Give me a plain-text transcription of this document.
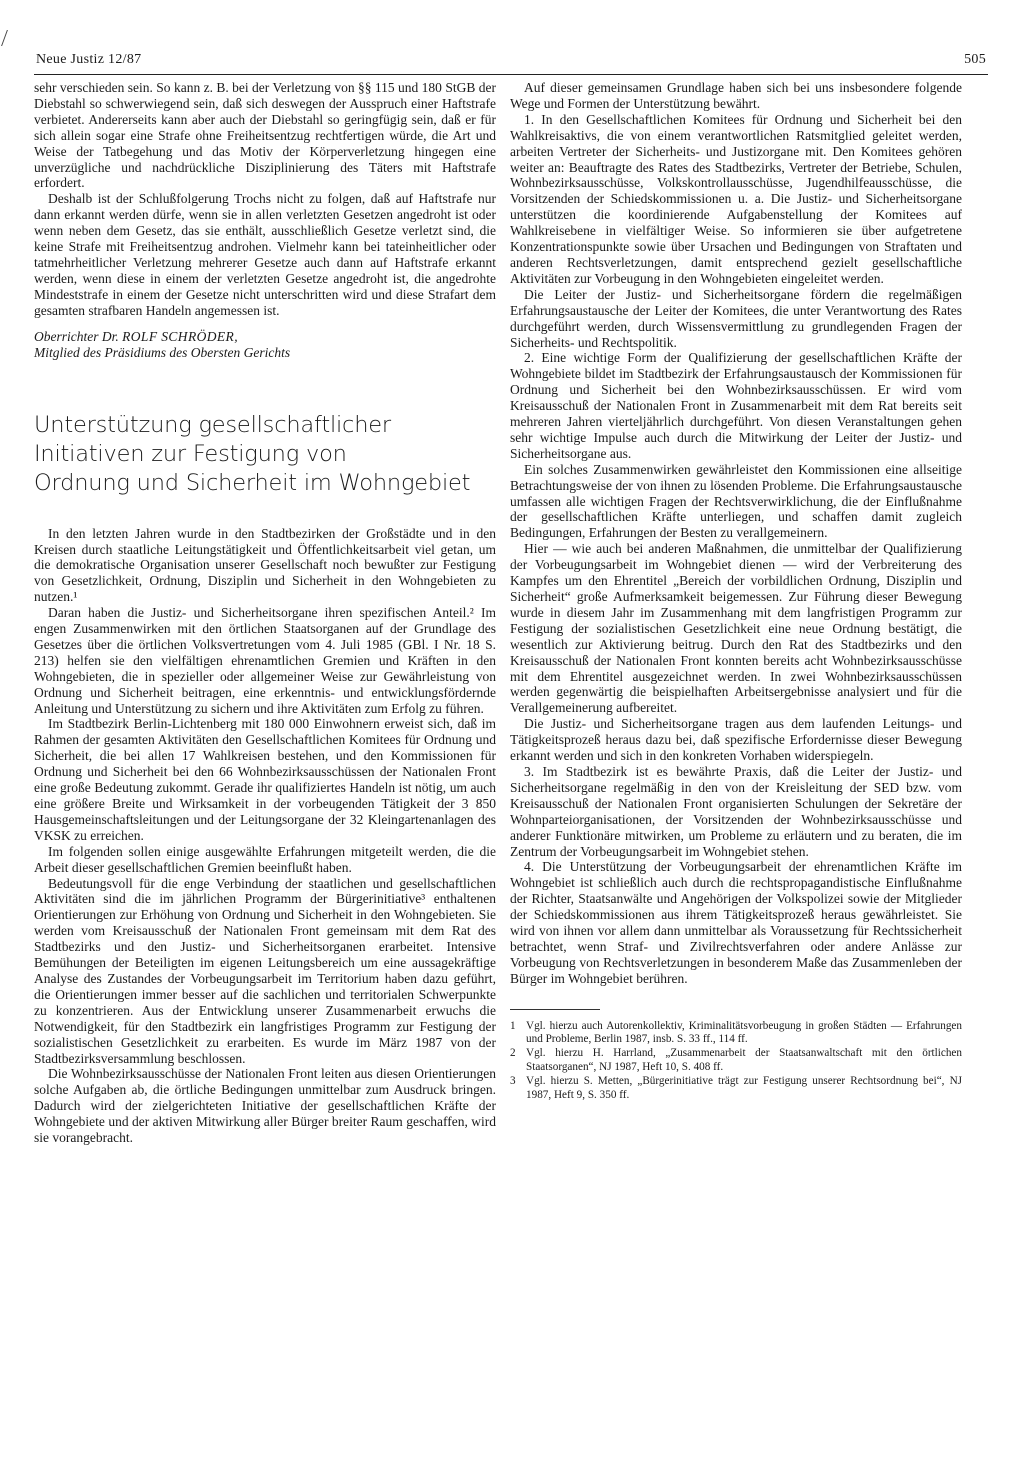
Neue Justiz 12/87	505

sehr verschieden sein. So kann z. B. bei der Verletzung von §§ 115 und 180 StGB der Diebstahl so schwerwiegend sein, daß sich deswegen der Ausspruch einer Haftstrafe verbietet. Andererseits kann aber auch der Diebstahl so geringfügig sein, daß er für sich allein sogar eine Strafe ohne Freiheitsentzug rechtfertigen würde, die Art und Weise der Tatbegehung und das Motiv der Körperverletzung hingegen eine unverzügliche und nachdrückliche Disziplinierung des Täters mit Haftstrafe erfordert.

Deshalb ist der Schlußfolgerung Trochs nicht zu folgen, daß auf Haftstrafe nur dann erkannt werden dürfe, wenn sie in allen verletzten Gesetzen angedroht ist oder wenn neben dem Gesetz, das sie enthält, ausschließlich Gesetze verletzt sind, die keine Strafe mit Freiheitsentzug androhen. Vielmehr kann bei tateinheitlicher oder tatmehrheitlicher Verletzung mehrerer Gesetze auch dann auf Haftstrafe erkannt werden, wenn diese in einem der verletzten Gesetze angedroht ist, die angedrohte Mindeststrafe in einem der Gesetze nicht unterschritten wird und diese Strafart dem gesamten strafbaren Handeln angemessen ist.

Oberrichter Dr. ROLF SCHRÖDER,
Mitglied des Präsidiums des Obersten Gerichts
Unterstützung gesellschaftlicher
Initiativen zur Festigung von
Ordnung und Sicherheit im Wohngebiet

In den letzten Jahren wurde in den Stadtbezirken der Großstädte und in den Kreisen durch staatliche Leitungstätigkeit und Öffentlichkeitsarbeit viel getan, um die demokratische Organisation unserer Gesellschaft noch bewußter zur Festigung von Gesetzlichkeit, Ordnung, Disziplin und Sicherheit in den Wohngebieten zu nutzen.¹

Daran haben die Justiz- und Sicherheitsorgane ihren spezifischen Anteil.² Im engen Zusammenwirken mit den örtlichen Staatsorganen auf der Grundlage des Gesetzes über die örtlichen Volksvertretungen vom 4. Juli 1985 (GBl. I Nr. 18 S. 213) helfen sie den vielfältigen ehrenamtlichen Gremien und Kräften in den Wohngebieten, die in spezieller oder allgemeiner Weise zur Gewährleistung von Ordnung und Sicherheit beitragen, eine erkenntnis- und entwicklungsfördernde Anleitung und Unterstützung zu sichern und ihre Aktivitäten zum Erfolg zu führen.

Im Stadtbezirk Berlin-Lichtenberg mit 180 000 Einwohnern erweist sich, daß im Rahmen der gesamten Aktivitäten den Gesellschaftlichen Komitees für Ordnung und Sicherheit, die bei allen 17 Wahlkreisen bestehen, und den Kommissionen für Ordnung und Sicherheit bei den 66 Wohnbezirksausschüssen der Nationalen Front eine große Bedeutung zukommt. Gerade ihr qualifiziertes Handeln ist nötig, um auch eine größere Breite und Wirksamkeit in der vorbeugenden Tätigkeit der 3 850 Hausgemeinschaftsleitungen und der Leitungsorgane der 32 Kleingartenanlagen des VKSK zu erreichen.

Im folgenden sollen einige ausgewählte Erfahrungen mitgeteilt werden, die die Arbeit dieser gesellschaftlichen Gremien beeinflußt haben.

Bedeutungsvoll für die enge Verbindung der staatlichen und gesellschaftlichen Aktivitäten sind die im jährlichen Programm der Bürgerinitiative³ enthaltenen Orientierungen zur Erhöhung von Ordnung und Sicherheit in den Wohngebieten. Sie werden vom Kreisausschuß der Nationalen Front gemeinsam mit dem Rat des Stadtbezirks und den Justiz- und Sicherheitsorganen erarbeitet. Intensive Bemühungen der Beteiligten im eigenen Leitungsbereich um eine aussagekräftige Analyse des Zustandes der Vorbeugungsarbeit im Territorium haben dazu geführt, die Orientierungen immer besser auf die sachlichen und territorialen Schwerpunkte zu konzentrieren. Aus der Entwicklung unserer Zusammenarbeit erwuchs die Notwendigkeit, für den Stadtbezirk ein langfristiges Programm zur Festigung der sozialistischen Gesetzlichkeit zu erarbeiten. Es wurde im März 1987 von der Stadtbezirksversammlung beschlossen.

Die Wohnbezirksausschüsse der Nationalen Front leiten aus diesen Orientierungen solche Aufgaben ab, die örtliche Bedingungen unmittelbar zum Ausdruck bringen. Dadurch wird der zielgerichteten Initiative der gesellschaftlichen Kräfte der Wohngebiete und der aktiven Mitwirkung aller Bürger breiter Raum geschaffen, wird sie vorangebracht.

Auf dieser gemeinsamen Grundlage haben sich bei uns insbesondere folgende Wege und Formen der Unterstützung bewährt.

1. In den Gesellschaftlichen Komitees für Ordnung und Sicherheit bei den Wahlkreisaktivs, die von einem verantwortlichen Ratsmitglied geleitet werden, arbeiten Vertreter der Sicherheits- und Justizorgane mit. Den Komitees gehören weiter an: Beauftragte des Rates des Stadtbezirks, Vertreter der Betriebe, Schulen, Wohnbezirksausschüsse, Volkskontrollausschüsse, Jugendhilfeausschüsse, die Vorsitzenden der Schiedskommissionen u. a. Die Justiz- und Sicherheitsorgane unterstützen die koordinierende Aufgabenstellung der Komitees auf Wahlkreisebene in vielfältiger Weise. So informieren sie über aufgetretene Konzentrationspunkte sowie über Ursachen und Bedingungen von Straftaten und anderen Rechtsverletzungen, damit entsprechend gezielt gesellschaftliche Aktivitäten zur Vorbeugung in den Wohngebieten eingeleitet werden.

Die Leiter der Justiz- und Sicherheitsorgane fördern die regelmäßigen Erfahrungsaustausche der Leiter der Komitees, die unter Verantwortung des Rates durchgeführt werden, durch Wissensvermittlung zu grundlegenden Fragen der Sicherheits- und Rechtspolitik.

2. Eine wichtige Form der Qualifizierung der gesellschaftlichen Kräfte der Wohngebiete bildet im Stadtbezirk der Erfahrungsaustausch der Kommissionen für Ordnung und Sicherheit bei den Wohnbezirksausschüssen. Er wird vom Kreisausschuß der Nationalen Front in Zusammenarbeit mit dem Rat bereits seit mehreren Jahren vierteljährlich durchgeführt. Von diesen Veranstaltungen gehen sehr wichtige Impulse auch durch die Mitwirkung der Leiter der Justiz- und Sicherheitsorgane aus.

Ein solches Zusammenwirken gewährleistet den Kommissionen eine allseitige Betrachtungsweise der von ihnen zu lösenden Probleme. Die Erfahrungsaustausche umfassen alle wichtigen Fragen der Rechtsverwirklichung, die der Einflußnahme der gesellschaftlichen Kräfte unterliegen, und schaffen damit zugleich Bedingungen, Erfahrungen der Besten zu verallgemeinern.

Hier — wie auch bei anderen Maßnahmen, die unmittelbar der Qualifizierung der Vorbeugungsarbeit im Wohngebiet dienen — wird der Verbreiterung des Kampfes um den Ehrentitel „Bereich der vorbildlichen Ordnung, Disziplin und Sicherheit“ große Aufmerksamkeit beigemessen. Zur Führung dieser Bewegung wurde in diesem Jahr im Zusammenhang mit dem langfristigen Programm zur Festigung der sozialistischen Gesetzlichkeit eine neue Ordnung bestätigt, die wesentlich zur Aktivierung beitrug. Durch den Rat des Stadtbezirks und den Kreisausschuß der Nationalen Front konnten bereits acht Wohnbezirksausschüsse mit dem Ehrentitel ausgezeichnet werden. In zwei Wohnbezirksausschüssen werden gegenwärtig die beispielhaften Arbeitsergebnisse analysiert und für die Verallgemeinerung aufbereitet.

Die Justiz- und Sicherheitsorgane tragen aus dem laufenden Leitungs- und Tätigkeitsprozeß heraus dazu bei, daß spezifische Erfordernisse dieser Bewegung erkannt werden und sich in den konkreten Vorhaben widerspiegeln.

3. Im Stadtbezirk ist es bewährte Praxis, daß die Leiter der Justiz- und Sicherheitsorgane regelmäßig in den von der Kreisleitung der SED bzw. vom Kreisausschuß der Nationalen Front organisierten Schulungen der Sekretäre der Wohnparteiorganisationen, der Vorsitzenden der Wohnbezirksausschüsse und anderer Funktionäre mitwirken, um Probleme zu erläutern und zu beraten, die im Zentrum der Vorbeugungsarbeit im Wohngebiet stehen.

4. Die Unterstützung der Vorbeugungsarbeit der ehrenamtlichen Kräfte im Wohngebiet ist schließlich auch durch die rechtspropagandistische Einflußnahme der Richter, Staatsanwälte und Angehörigen der Volkspolizei sowie der Mitglieder der Schiedskommissionen aus ihrem Tätigkeitsprozeß heraus gewährleistet. Sie wird von ihnen vor allem dann unmittelbar als Voraussetzung für Rechtssicherheit betrachtet, wenn Straf- und Zivilrechtsverfahren oder andere Anlässe zur Vorbeugung von Rechtsverletzungen in besonderem Maße das Zusammenleben der Bürger im Wohngebiet berühren.

1 Vgl. hierzu auch Autorenkollektiv, Kriminalitätsvorbeugung in großen Städten — Erfahrungen und Probleme, Berlin 1987, insb. S. 33 ff., 114 ff.
2 Vgl. hierzu H. Harrland, „Zusammenarbeit der Staatsanwaltschaft mit den örtlichen Staatsorganen“, NJ 1987, Heft 10, S. 408 ff.
3 Vgl. hierzu S. Metten, „Bürgerinitiative trägt zur Festigung unserer Rechtsordnung bei“, NJ 1987, Heft 9, S. 350 ff.
